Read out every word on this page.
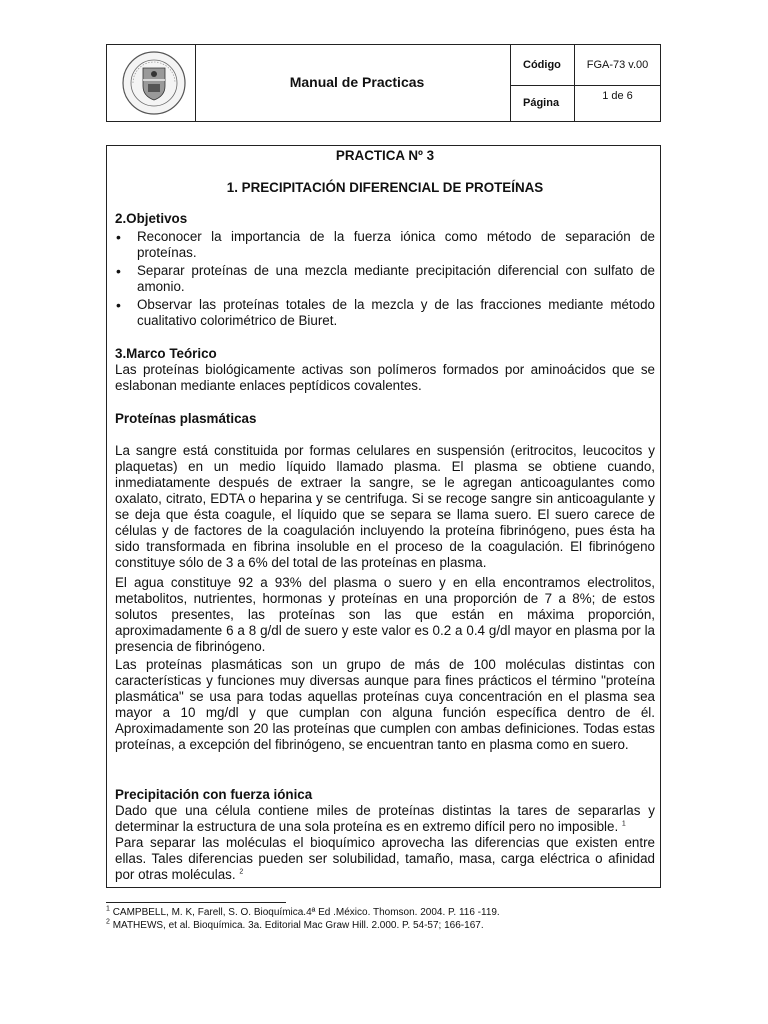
Manual de Practicas
Código	FGA-73 v.00
Página
1 de 6
PRACTICA Nº 3
1. PRECIPITACIÓN DIFERENCIAL DE PROTEÍNAS
2.Objetivos
• Reconocer la importancia de la fuerza iónica como método de separación de proteínas.
• Separar proteínas de una mezcla mediante precipitación diferencial con sulfato de amonio.
• Observar las proteínas totales de la mezcla y de las fracciones mediante método cualitativo colorimétrico de Biuret.
3.Marco Teórico
Las proteínas biológicamente activas son polímeros formados por aminoácidos que se eslabonan mediante enlaces peptídicos covalentes.
Proteínas plasmáticas
La sangre está constituida por formas celulares en suspensión (eritrocitos, leucocitos y plaquetas) en un medio líquido llamado plasma. El plasma se obtiene cuando, inmediatamente después de extraer la sangre, se le agregan anticoagulantes como oxalato, citrato, EDTA o heparina y se centrifuga. Si se recoge sangre sin anticoagulante y se deja que ésta coagule, el líquido que se separa se llama suero. El suero carece de células y de factores de la coagulación incluyendo la proteína fibrinógeno, pues ésta ha sido transformada en fibrina insoluble en el proceso de la coagulación. El fibrinógeno constituye sólo de 3 a 6% del total de las proteínas en plasma.
El agua constituye 92 a 93% del plasma o suero y en ella encontramos electrolitos, metabolitos, nutrientes, hormonas y proteínas en una proporción de 7 a 8%; de estos solutos presentes, las proteínas son las que están en máxima proporción, aproximadamente 6 a 8 g/dl de suero y este valor es 0.2 a 0.4 g/dl mayor en plasma por la presencia de fibrinógeno.
Las proteínas plasmáticas son un grupo de más de 100 moléculas distintas con características y funciones muy diversas aunque para fines prácticos el término "proteína plasmática" se usa para todas aquellas proteínas cuya concentración en el plasma sea mayor a 10 mg/dl y que cumplan con alguna función específica dentro de él. Aproximadamente son 20 las proteínas que cumplen con ambas definiciones. Todas estas proteínas, a excepción del fibrinógeno, se encuentran tanto en plasma como en suero.
Precipitación con fuerza iónica
Dado que una célula contiene miles de proteínas distintas la tares de separarlas y determinar la estructura de una sola proteína es en extremo difícil pero no imposible. $^1$
Para separar las moléculas el bioquímico aprovecha las diferencias que existen entre ellas. Tales diferencias pueden ser solubilidad, tamaño, masa, carga eléctrica o afinidad por otras moléculas. $^2$
$^1$ CAMPBELL, M. K, Farell, S. O. Bioquímica.4ª Ed .México. Thomson. 2004. P. 116 -119.
$^2$ MATHEWS, et al. Bioquímica. 3a. Editorial Mac Graw Hill. 2.000. P. 54-57; 166-167.
